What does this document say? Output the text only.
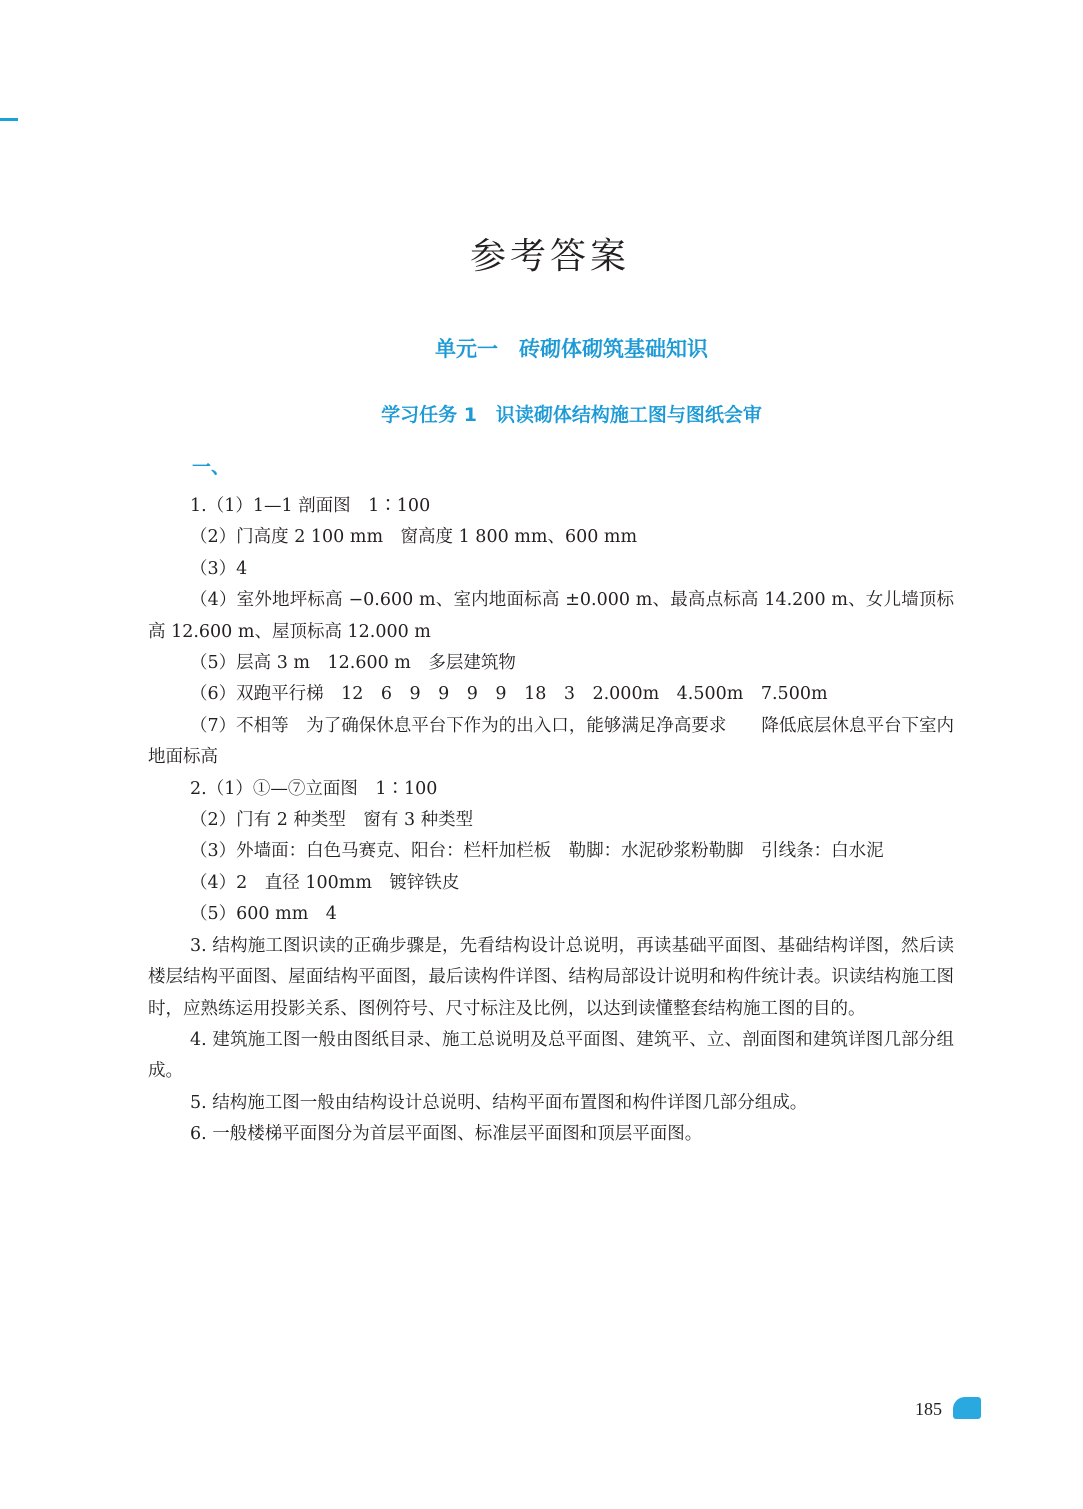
参考答案
单元一　砖砌体砌筑基础知识
学习任务 1　识读砌体结构施工图与图纸会审
一、

1.（1）1—1 剖面图　1∶100

（2）门高度 2 100 mm　窗高度 1 800 mm、600 mm

（3）4

（4）室外地坪标高 −0.600 m、室内地面标高 ±0.000 m、最高点标高 14.200 m、女儿墙顶标高 12.600 m、屋顶标高 12.000 m

（5）层高 3 m　12.600 m　多层建筑物

（6）双跑平行梯　12　6　9　9　9　9　18　3　2.000m　4.500m　7.500m

（7）不相等　为了确保休息平台下作为的出入口，能够满足净高要求　　降低底层休息平台下室内地面标高

2.（1）①—⑦立面图　1∶100

（2）门有 2 种类型　窗有 3 种类型

（3）外墙面：白色马赛克、阳台：栏杆加栏板　勒脚：水泥砂浆粉勒脚　引线条：白水泥

（4）2　直径 100mm　镀锌铁皮

（5）600 mm　4

3. 结构施工图识读的正确步骤是，先看结构设计总说明，再读基础平面图、基础结构详图，然后读楼层结构平面图、屋面结构平面图，最后读构件详图、结构局部设计说明和构件统计表。识读结构施工图时，应熟练运用投影关系、图例符号、尺寸标注及比例，以达到读懂整套结构施工图的目的。

4. 建筑施工图一般由图纸目录、施工总说明及总平面图、建筑平、立、剖面图和建筑详图几部分组成。

5. 结构施工图一般由结构设计总说明、结构平面布置图和构件详图几部分组成。

6. 一般楼梯平面图分为首层平面图、标准层平面图和顶层平面图。

185
